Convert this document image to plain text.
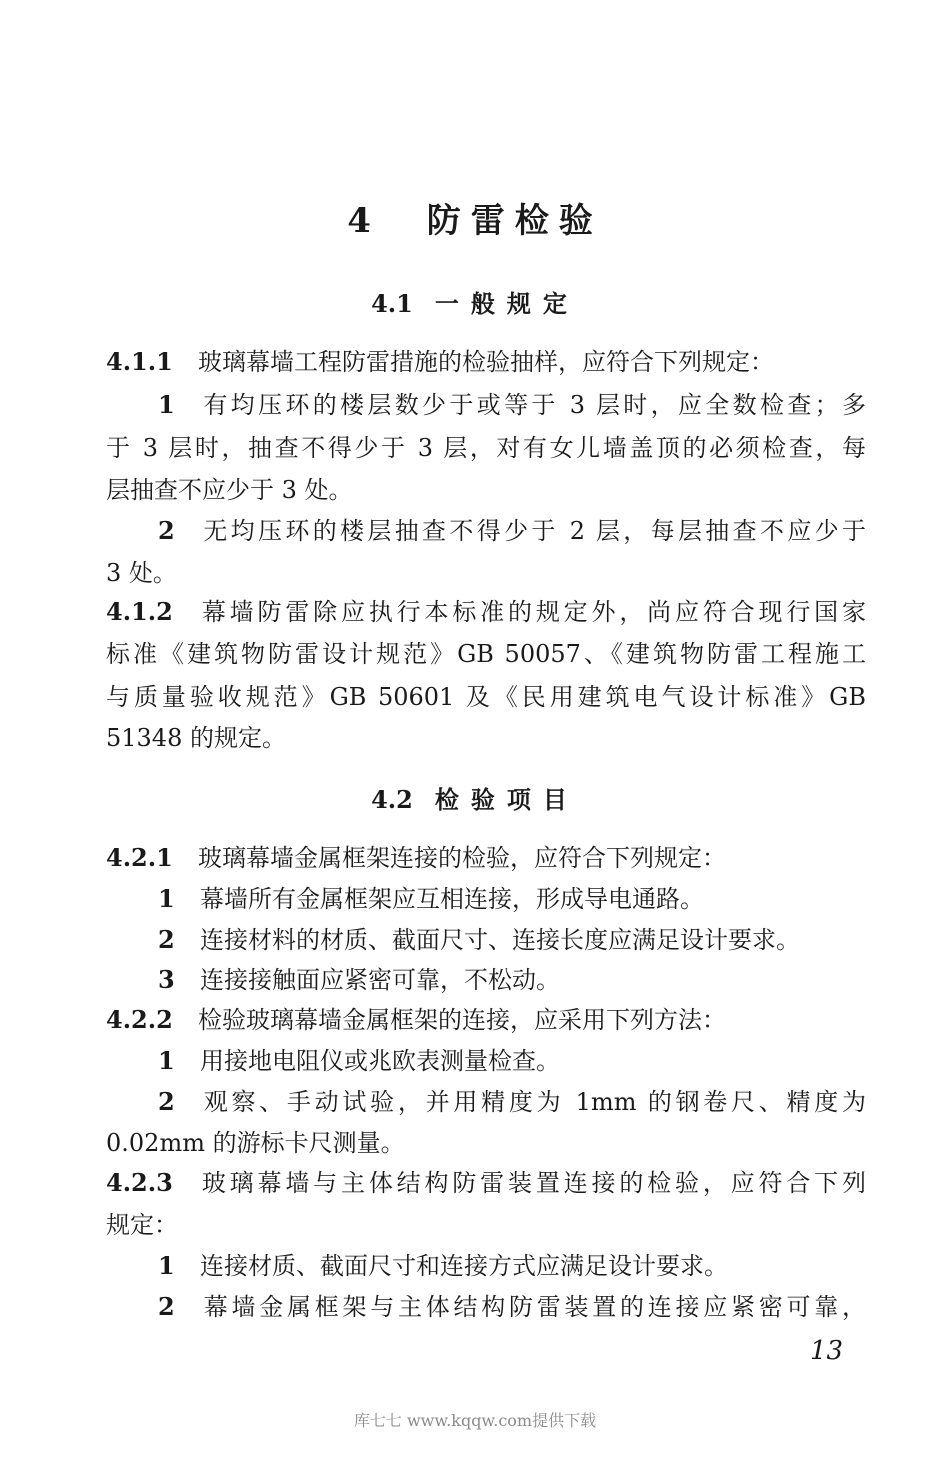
4 防雷检验
4.1 一般规定
4.1.1 玻璃幕墙工程防雷措施的检验抽样，应符合下列规定：
1 有均压环的楼层数少于或等于 3 层时，应全数检查；多
于 3 层时，抽查不得少于 3 层，对有女儿墙盖顶的必须检查，每
层抽查不应少于 3 处。
2 无均压环的楼层抽查不得少于 2 层，每层抽查不应少于
3 处。
4.1.2 幕墙防雷除应执行本标准的规定外，尚应符合现行国家
标准《建筑物防雷设计规范》GB 50057、《建筑物防雷工程施工
与质量验收规范》GB 50601 及《民用建筑电气设计标准》GB
51348 的规定。
4.2 检验项目
4.2.1 玻璃幕墙金属框架连接的检验，应符合下列规定：
1 幕墙所有金属框架应互相连接，形成导电通路。
2 连接材料的材质、截面尺寸、连接长度应满足设计要求。
3 连接接触面应紧密可靠，不松动。
4.2.2 检验玻璃幕墙金属框架的连接，应采用下列方法：
1 用接地电阻仪或兆欧表测量检查。
2 观察、手动试验，并用精度为 1mm 的钢卷尺、精度为
0.02mm 的游标卡尺测量。
4.2.3 玻璃幕墙与主体结构防雷装置连接的检验，应符合下列
规定：
1 连接材质、截面尺寸和连接方式应满足设计要求。
2 幕墙金属框架与主体结构防雷装置的连接应紧密可靠，
13
库七七 www.kqqw.com提供下载
